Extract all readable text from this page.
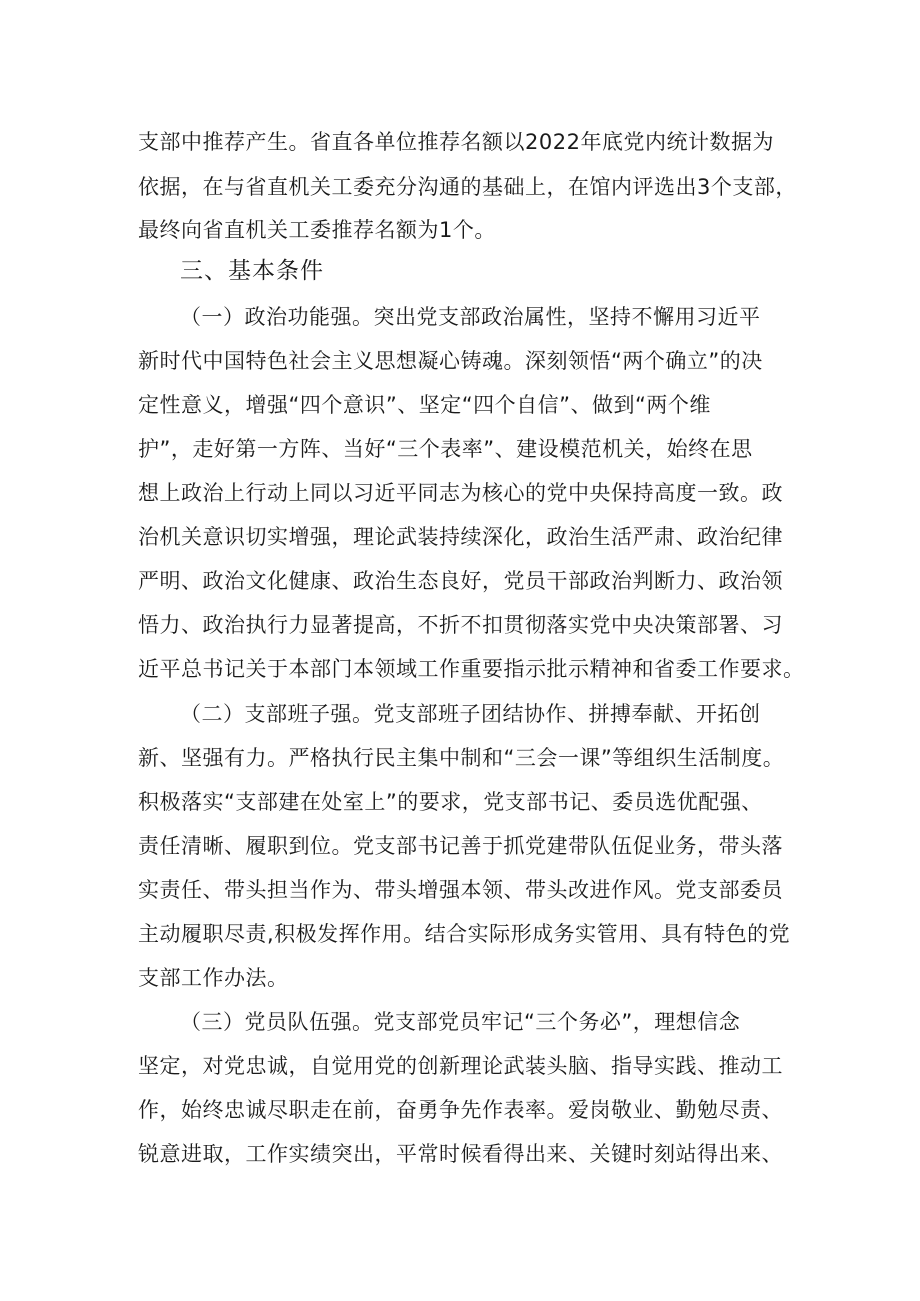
支部中推荐产生。省直各单位推荐名额以2022年底党内统计数据为
依据，在与省直机关工委充分沟通的基础上，在馆内评选出3个支部，
最终向省直机关工委推荐名额为1个。
三、基本条件
（一）政治功能强。突出党支部政治属性，坚持不懈用习近平
新时代中国特色社会主义思想凝心铸魂。深刻领悟“两个确立”的决
定性意义，增强“四个意识”、坚定“四个自信”、做到“两个维
护”，走好第一方阵、当好“三个表率”、建设模范机关，始终在思
想上政治上行动上同以习近平同志为核心的党中央保持高度一致。政
治机关意识切实增强，理论武装持续深化，政治生活严肃、政治纪律
严明、政治文化健康、政治生态良好，党员干部政治判断力、政治领
悟力、政治执行力显著提高，不折不扣贯彻落实党中央决策部署、习
近平总书记关于本部门本领域工作重要指示批示精神和省委工作要求。
（二）支部班子强。党支部班子团结协作、拼搏奉献、开拓创
新、坚强有力。严格执行民主集中制和“三会一课”等组织生活制度。
积极落实“支部建在处室上”的要求，党支部书记、委员选优配强、
责任清晰、履职到位。党支部书记善于抓党建带队伍促业务，带头落
实责任、带头担当作为、带头增强本领、带头改进作风。党支部委员
主动履职尽责,积极发挥作用。结合实际形成务实管用、具有特色的党
支部工作办法。
（三）党员队伍强。党支部党员牢记“三个务必”，理想信念
坚定，对党忠诚，自觉用党的创新理论武装头脑、指导实践、推动工
作，始终忠诚尽职走在前，奋勇争先作表率。爱岗敬业、勤勉尽责、
锐意进取，工作实绩突出，平常时候看得出来、关键时刻站得出来、
